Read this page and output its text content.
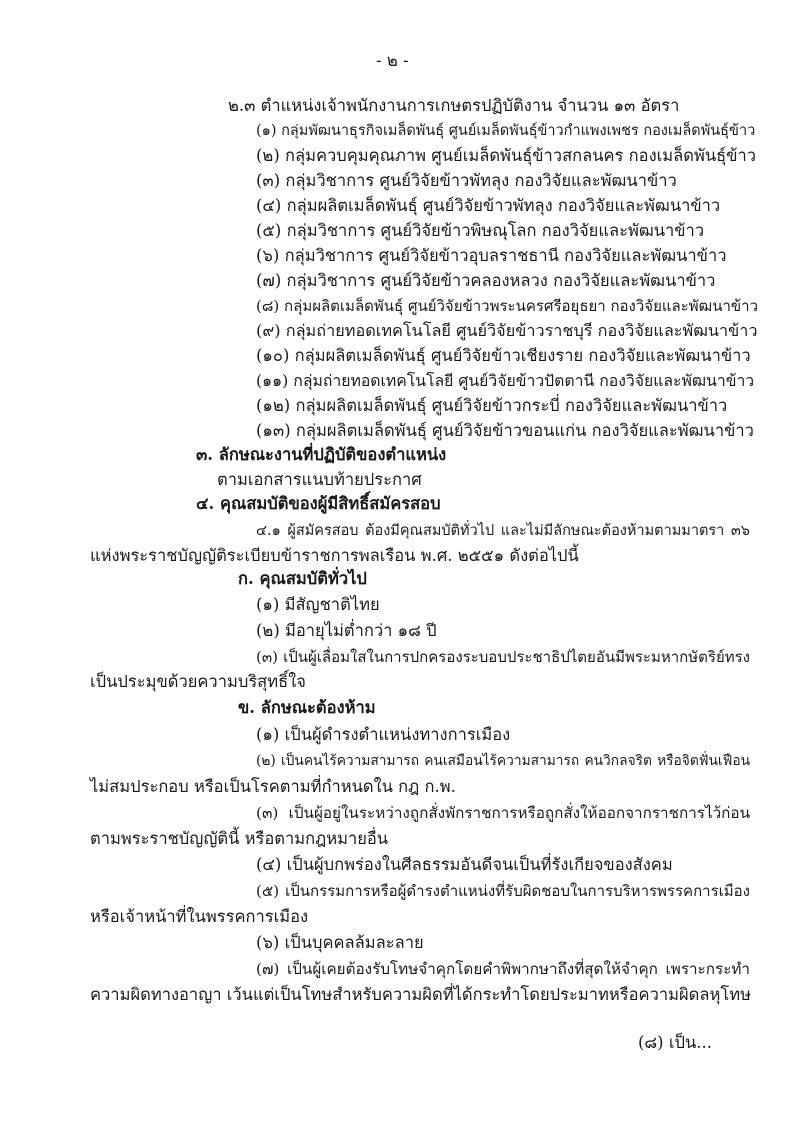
- ๒ -
๒.๓ ตำแหน่งเจ้าพนักงานการเกษตรปฏิบัติงาน จำนวน ๑๓ อัตรา
(๑) กลุ่มพัฒนาธุรกิจเมล็ดพันธุ์ ศูนย์เมล็ดพันธุ์ข้าวกำแพงเพชร กองเมล็ดพันธุ์ข้าว
(๒) กลุ่มควบคุมคุณภาพ ศูนย์เมล็ดพันธุ์ข้าวสกลนคร กองเมล็ดพันธุ์ข้าว
(๓) กลุ่มวิชาการ ศูนย์วิจัยข้าวพัทลุง กองวิจัยและพัฒนาข้าว
(๔) กลุ่มผลิตเมล็ดพันธุ์ ศูนย์วิจัยข้าวพัทลุง กองวิจัยและพัฒนาข้าว
(๕) กลุ่มวิชาการ ศูนย์วิจัยข้าวพิษณุโลก กองวิจัยและพัฒนาข้าว
(๖) กลุ่มวิชาการ ศูนย์วิจัยข้าวอุบลราชธานี กองวิจัยและพัฒนาข้าว
(๗) กลุ่มวิชาการ ศูนย์วิจัยข้าวคลองหลวง กองวิจัยและพัฒนาข้าว
(๘) กลุ่มผลิตเมล็ดพันธุ์ ศูนย์วิจัยข้าวพระนครศรีอยุธยา กองวิจัยและพัฒนาข้าว
(๙) กลุ่มถ่ายทอดเทคโนโลยี ศูนย์วิจัยข้าวราชบุรี กองวิจัยและพัฒนาข้าว
(๑๐) กลุ่มผลิตเมล็ดพันธุ์ ศูนย์วิจัยข้าวเชียงราย กองวิจัยและพัฒนาข้าว
(๑๑) กลุ่มถ่ายทอดเทคโนโลยี ศูนย์วิจัยข้าวปัตตานี กองวิจัยและพัฒนาข้าว
(๑๒) กลุ่มผลิตเมล็ดพันธุ์ ศูนย์วิจัยข้าวกระบี่ กองวิจัยและพัฒนาข้าว
(๑๓) กลุ่มผลิตเมล็ดพันธุ์ ศูนย์วิจัยข้าวขอนแก่น กองวิจัยและพัฒนาข้าว
๓. ลักษณะงานที่ปฏิบัติของตำแหน่ง
ตามเอกสารแนบท้ายประกาศ
๔. คุณสมบัติของผู้มีสิทธิ์สมัครสอบ
๔.๑ ผู้สมัครสอบ ต้องมีคุณสมบัติทั่วไป และไม่มีลักษณะต้องห้ามตามมาตรา ๓๖
แห่งพระราชบัญญัติระเบียบข้าราชการพลเรือน พ.ศ. ๒๕๕๑ ดังต่อไปนี้
ก. คุณสมบัติทั่วไป
(๑) มีสัญชาติไทย
(๒) มีอายุไม่ต่ำกว่า ๑๘ ปี
(๓) เป็นผู้เลื่อมใสในการปกครองระบอบประชาธิปไตยอันมีพระมหากษัตริย์ทรง
เป็นประมุขด้วยความบริสุทธิ์ใจ
ข. ลักษณะต้องห้าม
(๑) เป็นผู้ดำรงตำแหน่งทางการเมือง
(๒) เป็นคนไร้ความสามารถ คนเสมือนไร้ความสามารถ คนวิกลจริต หรือจิตฟั่นเฟือน
ไม่สมประกอบ หรือเป็นโรคตามที่กำหนดใน กฎ ก.พ.
(๓) เป็นผู้อยู่ในระหว่างถูกสั่งพักราชการหรือถูกสั่งให้ออกจากราชการไว้ก่อน
ตามพระราชบัญญัตินี้ หรือตามกฎหมายอื่น
(๔) เป็นผู้บกพร่องในศีลธรรมอันดีจนเป็นที่รังเกียจของสังคม
(๕) เป็นกรรมการหรือผู้ดำรงตำแหน่งที่รับผิดชอบในการบริหารพรรคการเมือง
หรือเจ้าหน้าที่ในพรรคการเมือง
(๖) เป็นบุคคลล้มละลาย
(๗) เป็นผู้เคยต้องรับโทษจำคุกโดยคำพิพากษาถึงที่สุดให้จำคุก เพราะกระทำ
ความผิดทางอาญา เว้นแต่เป็นโทษสำหรับความผิดที่ได้กระทำโดยประมาทหรือความผิดลหุโทษ
(๘) เป็น...
